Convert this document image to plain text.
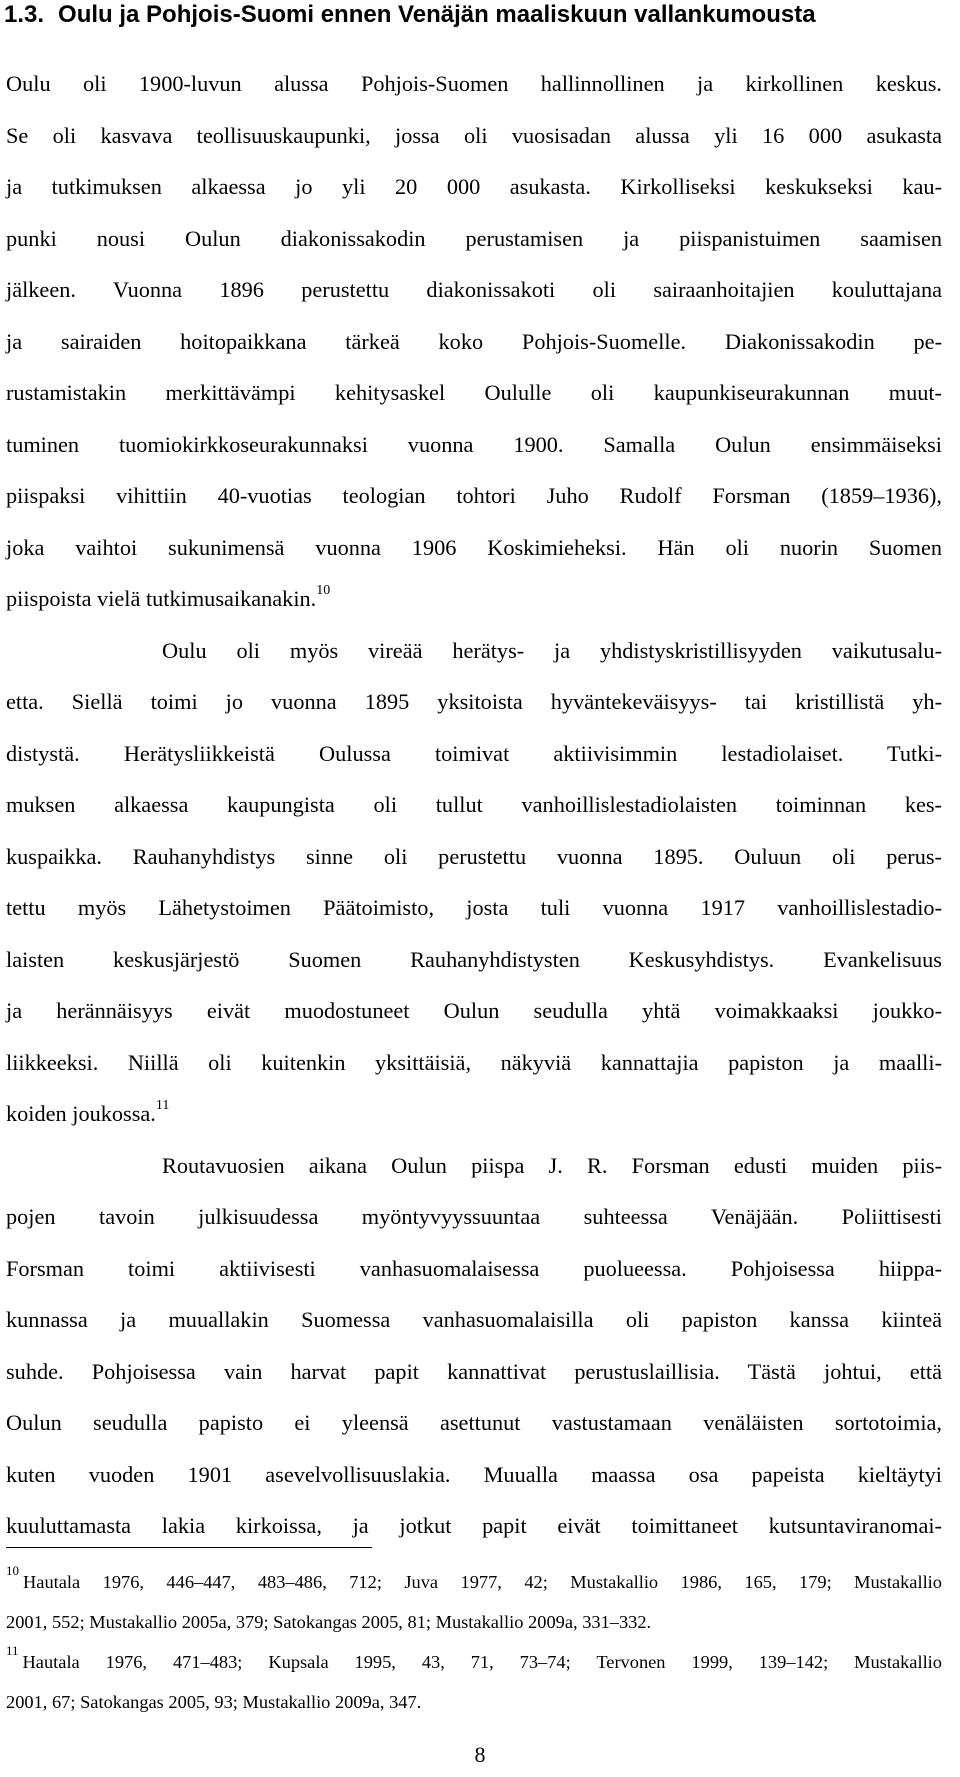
1.3. Oulu ja Pohjois-Suomi ennen Venäjän maaliskuun vallankumousta

Oulu oli 1900-luvun alussa Pohjois-Suomen hallinnollinen ja kirkollinen keskus.

Se oli kasvava teollisuuskaupunki, jossa oli vuosisadan alussa yli 16 000 asukasta

ja tutkimuksen alkaessa jo yli 20 000 asukasta. Kirkolliseksi keskukseksi kau-

punki nousi Oulun diakonissakodin perustamisen ja piispanistuimen saamisen

jälkeen. Vuonna 1896 perustettu diakonissakoti oli sairaanhoitajien kouluttajana

ja sairaiden hoitopaikkana tärkeä koko Pohjois-Suomelle. Diakonissakodin pe-

rustamistakin merkittävämpi kehitysaskel Oululle oli kaupunkiseurakunnan muut-

tuminen tuomiokirkkoseurakunnaksi vuonna 1900. Samalla Oulun ensimmäiseksi

piispaksi vihittiin 40-vuotias teologian tohtori Juho Rudolf Forsman (1859–1936),

joka vaihtoi sukunimensä vuonna 1906 Koskimieheksi. Hän oli nuorin Suomen

piispoista vielä tutkimusaikanakin.$^{10}$

Oulu oli myös vireää herätys- ja yhdistyskristillisyyden vaikutusalu-

etta. Siellä toimi jo vuonna 1895 yksitoista hyväntekeväisyys- tai kristillistä yh-

distystä. Herätysliikkeistä Oulussa toimivat aktiivisimmin lestadiolaiset. Tutki-

muksen alkaessa kaupungista oli tullut vanhoillislestadiolaisten toiminnan kes-

kuspaikka. Rauhanyhdistys sinne oli perustettu vuonna 1895. Ouluun oli perus-

tettu myös Lähetystoimen Päätoimisto, josta tuli vuonna 1917 vanhoillislestadio-

laisten keskusjärjestö Suomen Rauhanyhdistysten Keskusyhdistys. Evankelisuus

ja herännäisyys eivät muodostuneet Oulun seudulla yhtä voimakkaaksi joukko-

liikkeeksi. Niillä oli kuitenkin yksittäisiä, näkyviä kannattajia papiston ja maalli-

koiden joukossa.$^{11}$

Routavuosien aikana Oulun piispa J. R. Forsman edusti muiden piis-

pojen tavoin julkisuudessa myöntyvyyssuuntaa suhteessa Venäjään. Poliittisesti

Forsman toimi aktiivisesti vanhasuomalaisessa puolueessa. Pohjoisessa hiippa-

kunnassa ja muuallakin Suomessa vanhasuomalaisilla oli papiston kanssa kiinteä

suhde. Pohjoisessa vain harvat papit kannattivat perustuslaillisia. Tästä johtui, että

Oulun seudulla papisto ei yleensä asettunut vastustamaan venäläisten sortotoimia,

kuten vuoden 1901 asevelvollisuuslakia. Muualla maassa osa papeista kieltäytyi

kuuluttamasta lakia kirkoissa, ja jotkut papit eivät toimittaneet kutsuntaviranomai-

$^{10}$Hautala 1976, 446–447, 483–486, 712; Juva 1977, 42; Mustakallio 1986, 165, 179; Mustakallio

2001, 552; Mustakallio 2005a, 379; Satokangas 2005, 81; Mustakallio 2009a, 331–332.

$^{11}$Hautala 1976, 471–483; Kupsala 1995, 43, 71, 73–74; Tervonen 1999, 139–142; Mustakallio

2001, 67; Satokangas 2005, 93; Mustakallio 2009a, 347.

8
